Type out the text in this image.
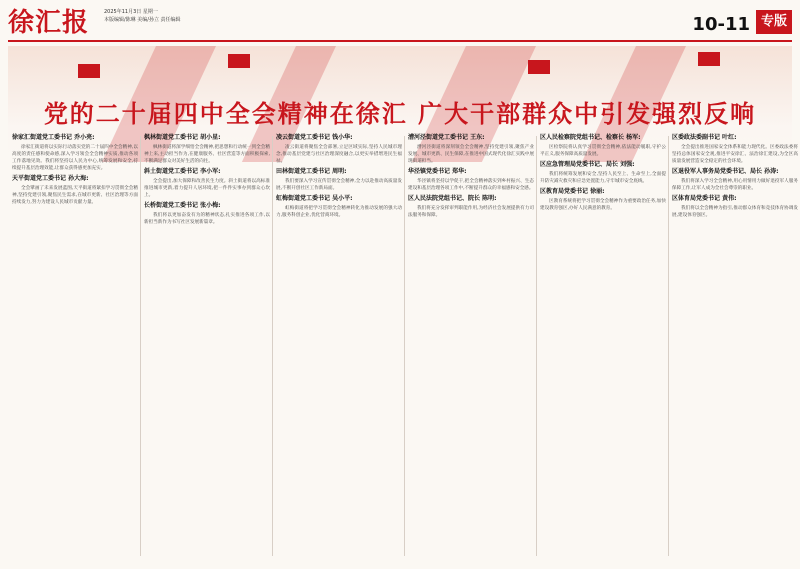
徐汇报	2025年11月3日 星期一
本版编辑/陈琳 美编/孙立 责任编辑	10-11 专版
党的二十届四中全会精神在徐汇 广大干部群众中引发强烈反响

徐家汇街道党工委书记 乔小亮:

徐家汇街道将以实际行动落实党的二十届四中全会精神,以高度的责任感和使命感,深入学习领会全会精神实质,推动各项工作落地见效。我们将坚持以人民为中心,统筹发展和安全,持续提升基层治理效能,让群众获得感更加充实。

天平街道党工委书记 孙大海:

全会擘画了未来发展蓝图,天平街道将紧扣学习贯彻全会精神,坚持党建引领,聚焦民生需求,在城市更新、社区治理等方面持续发力,努力为建设人民城市贡献力量。

枫林街道党工委书记 胡小星:

枫林街道将深学细悟全会精神,把思想和行动统一到全会精神上来,主动担当作为,在健康服务、社区营造等方面积极探索,不断满足群众对美好生活的向往。

斜土街道党工委书记 李小军:

全会提出,加大保障和改善民生力度。斜土街道将以高标准推进城市更新,着力提升人居环境,把一件件实事办到群众心坎上。

长桥街道党工委书记 张小梅:

我们将以更加奋发有为的精神状态,扎实推进各项工作,以新担当新作为书写社区发展新篇章。

凌云街道党工委书记 钱小华:

凌云街道将聚焦全会部署,立足区域实际,坚持人民城市理念,推动基层党建与社区治理深度融合,以更实举措增进民生福祉。

田林街道党工委书记 周明:

我们要深入学习宣传贯彻全会精神,全力以赴推动高质量发展,不断开创社区工作新局面。

虹梅街道党工委书记 吴小平:

虹梅街道将把学习贯彻全会精神转化为推动发展的强大动力,服务科创企业,优化营商环境。

漕河泾街道党工委书记 王东:

漕河泾街道将深刻领会全会精神,坚持党建引领,聚焦产业发展、城市更新、民生保障,在推进中国式现代化徐汇实践中展现街道担当。

华泾镇党委书记 郑华:

华泾镇将坚持以学促干,把全会精神落实到乡村振兴、生态建设和基层治理各项工作中,不断提升群众的幸福感和安全感。

区人民法院党组书记、院长 陈明:

我们将充分发挥审判职能作用,为经济社会发展提供有力司法服务和保障。

区人民检察院党组书记、检察长 杨军:

区检察院将认真学习贯彻全会精神,依法能动履职,守护公平正义,服务保障高质量发展。

区应急管理局党委书记、局长 刘强:

我们将统筹发展和安全,坚持人民至上、生命至上,全面提升防灾减灾救灾和应急处置能力,守牢城市安全底线。

区教育局党委书记 徐丽:

区教育系统将把学习贯彻全会精神作为重要政治任务,加快建设教育强区,办好人民满意的教育。

区委政法委副书记 叶红:

全会提出推进国家安全体系和能力现代化。区委政法委将坚持总体国家安全观,推进平安徐汇、法治徐汇建设,为全区高质量发展营造安全稳定的社会环境。

区退役军人事务局党委书记、局长 孙涛:

我们将深入学习全会精神,用心用情用力做好退役军人服务保障工作,让军人成为全社会尊崇的职业。

区体育局党委书记 黄伟:

我们将以全会精神为指引,推动群众体育和竞技体育协调发展,建设体育强区。
